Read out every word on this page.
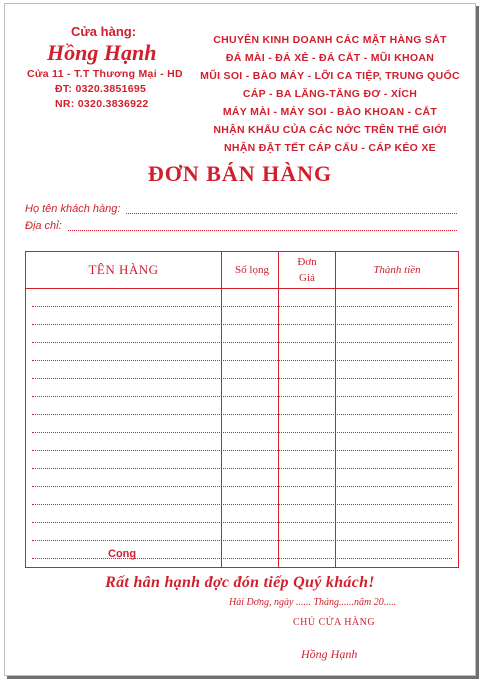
Cửa hàng:
Hồng Hạnh
Cửa 11 - T.T Thương Mại - HD
ĐT: 0320.3851695
NR: 0320.3836922
CHUYÊN KINH DOANH CÁC MẶT HÀNG SẮT
ĐÁ MÀI - ĐÁ XẺ - ĐÁ CẮT - MŨI KHOAN
MŨI SOI - BÀO MÁY - LỠI CA TIỆP, TRUNG QUỐC
CÁP - BA LĂNG-TĂNG ĐƠ - XÍCH
MÁY MÀI - MÁY SOI - BÀO KHOAN - CẮT
NHẬN KHẨU CỦA CÁC NỚC TRÊN THẾ GIỚI
NHẬN ĐẶT TẾT CÁP CẨU - CÁP KÉO XE
ĐƠN BÁN HÀNG
Họ tên khách hàng:
Địa chỉ:
TÊN HÀNG	Số lọng
Đơn Giá
Thành tiền
Cọng
Rất hân hạnh đợc đón tiếp Quý khách!
Hải Dơng, ngày ...... Tháng......năm 20.....
CHỦ CỬA HÀNG
Hồng Hạnh
